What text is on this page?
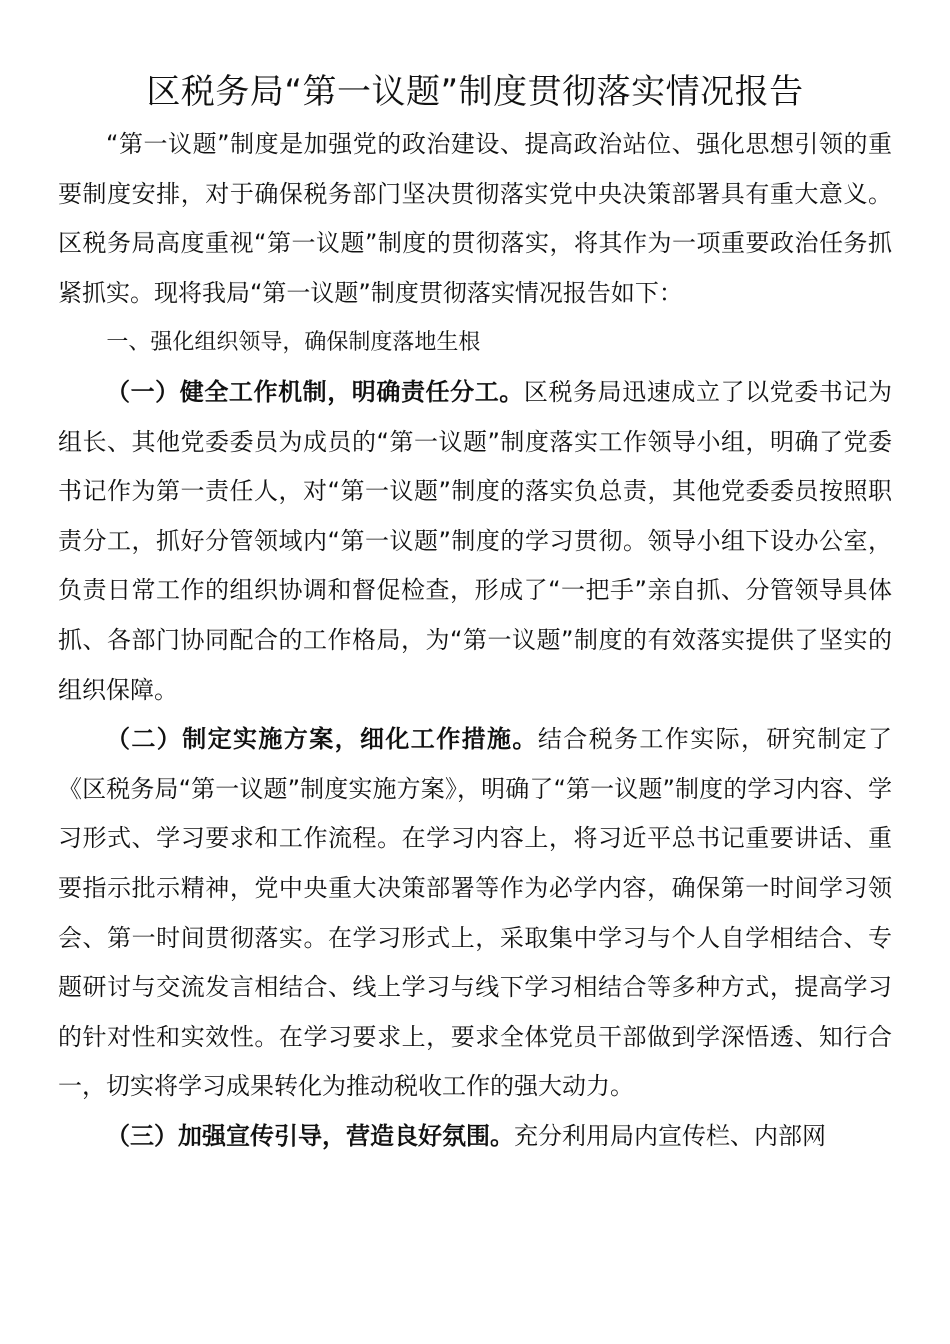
区税务局“第一议题”制度贯彻落实情况报告

“第一议题”制度是加强党的政治建设、提高政治站位、强化思想引领的重要制度安排，对于确保税务部门坚决贯彻落实党中央决策部署具有重大意义。区税务局高度重视“第一议题”制度的贯彻落实，将其作为一项重要政治任务抓紧抓实。现将我局“第一议题”制度贯彻落实情况报告如下：

一、强化组织领导，确保制度落地生根

（一）健全工作机制，明确责任分工。区税务局迅速成立了以党委书记为组长、其他党委委员为成员的“第一议题”制度落实工作领导小组，明确了党委书记作为第一责任人，对“第一议题”制度的落实负总责，其他党委委员按照职责分工，抓好分管领域内“第一议题”制度的学习贯彻。领导小组下设办公室，负责日常工作的组织协调和督促检查，形成了“一把手”亲自抓、分管领导具体抓、各部门协同配合的工作格局，为“第一议题”制度的有效落实提供了坚实的组织保障。

（二）制定实施方案，细化工作措施。结合税务工作实际，研究制定了《区税务局“第一议题”制度实施方案》，明确了“第一议题”制度的学习内容、学习形式、学习要求和工作流程。在学习内容上，将习近平总书记重要讲话、重要指示批示精神，党中央重大决策部署等作为必学内容，确保第一时间学习领会、第一时间贯彻落实。在学习形式上，采取集中学习与个人自学相结合、专题研讨与交流发言相结合、线上学习与线下学习相结合等多种方式，提高学习的针对性和实效性。在学习要求上，要求全体党员干部做到学深悟透、知行合一，切实将学习成果转化为推动税收工作的强大动力。

（三）加强宣传引导，营造良好氛围。充分利用局内宣传栏、内部网
